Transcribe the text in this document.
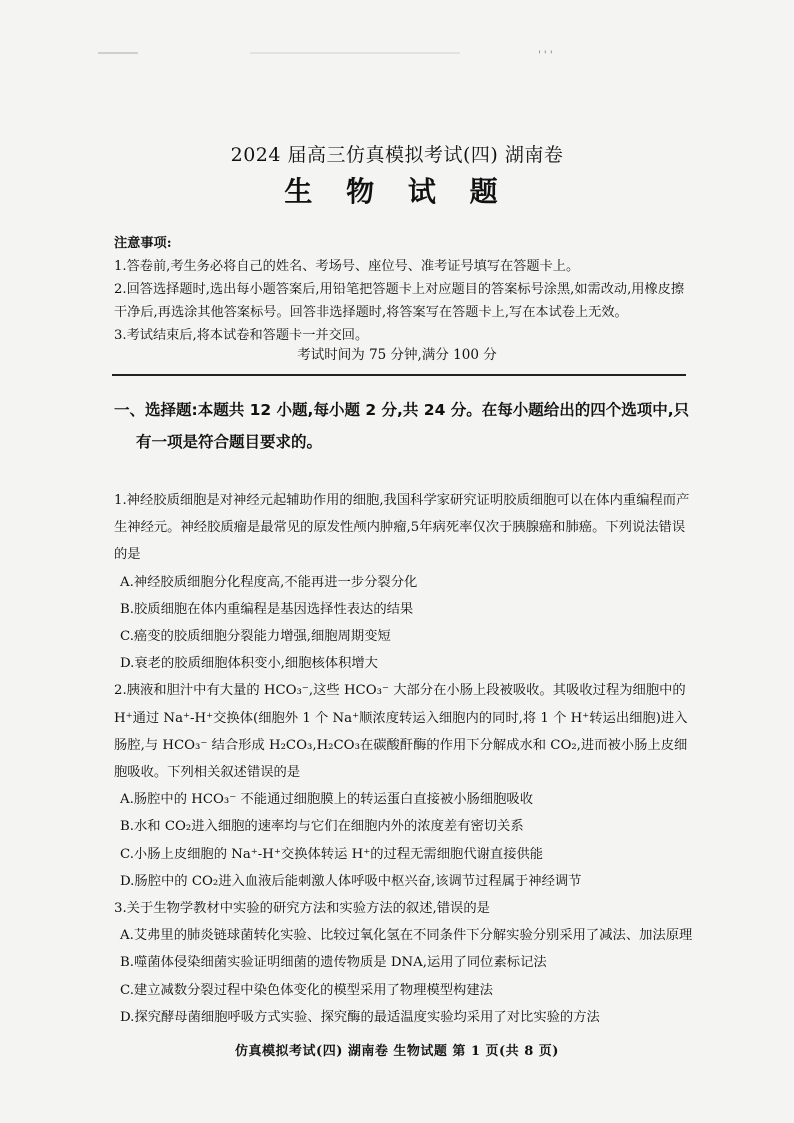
' ' '
2024 届高三仿真模拟考试(四) 湖南卷
生 物 试 题
注意事项:

1.答卷前,考生务必将自己的姓名、考场号、座位号、准考证号填写在答题卡上。

2.回答选择题时,选出每小题答案后,用铅笔把答题卡上对应题目的答案标号涂黑,如需改动,用橡皮擦干净后,再选涂其他答案标号。回答非选择题时,将答案写在答题卡上,写在本试卷上无效。

3.考试结束后,将本试卷和答题卡一并交回。

考试时间为 75 分钟,满分 100 分
一、选择题:本题共 12 小题,每小题 2 分,共 24 分。在每小题给出的四个选项中,只
有一项是符合题目要求的。

1.神经胶质细胞是对神经元起辅助作用的细胞,我国科学家研究证明胶质细胞可以在体内重编程而产生神经元。神经胶质瘤是最常见的原发性颅内肿瘤,5年病死率仅次于胰腺癌和肺癌。下列说法错误的是

A.神经胶质细胞分化程度高,不能再进一步分裂分化
B.胶质细胞在体内重编程是基因选择性表达的结果
C.癌变的胶质细胞分裂能力增强,细胞周期变短
D.衰老的胶质细胞体积变小,细胞核体积增大

2.胰液和胆汁中有大量的 HCO₃⁻,这些 HCO₃⁻ 大部分在小肠上段被吸收。其吸收过程为细胞中的 H⁺通过 Na⁺-H⁺交换体(细胞外 1 个 Na⁺顺浓度转运入细胞内的同时,将 1 个 H⁺转运出细胞)进入肠腔,与 HCO₃⁻ 结合形成 H₂CO₃,H₂CO₃在碳酸酐酶的作用下分解成水和 CO₂,进而被小肠上皮细胞吸收。下列相关叙述错误的是

A.肠腔中的 HCO₃⁻ 不能通过细胞膜上的转运蛋白直接被小肠细胞吸收
B.水和 CO₂进入细胞的速率均与它们在细胞内外的浓度差有密切关系
C.小肠上皮细胞的 Na⁺-H⁺交换体转运 H⁺的过程无需细胞代谢直接供能
D.肠腔中的 CO₂进入血液后能刺激人体呼吸中枢兴奋,该调节过程属于神经调节

3.关于生物学教材中实验的研究方法和实验方法的叙述,错误的是

A.艾弗里的肺炎链球菌转化实验、比较过氧化氢在不同条件下分解实验分别采用了减法、加法原理
B.噬菌体侵染细菌实验证明细菌的遗传物质是 DNA,运用了同位素标记法
C.建立减数分裂过程中染色体变化的模型采用了物理模型构建法
D.探究酵母菌细胞呼吸方式实验、探究酶的最适温度实验均采用了对比实验的方法
仿真模拟考试(四) 湖南卷 生物试题 第 1 页(共 8 页)
